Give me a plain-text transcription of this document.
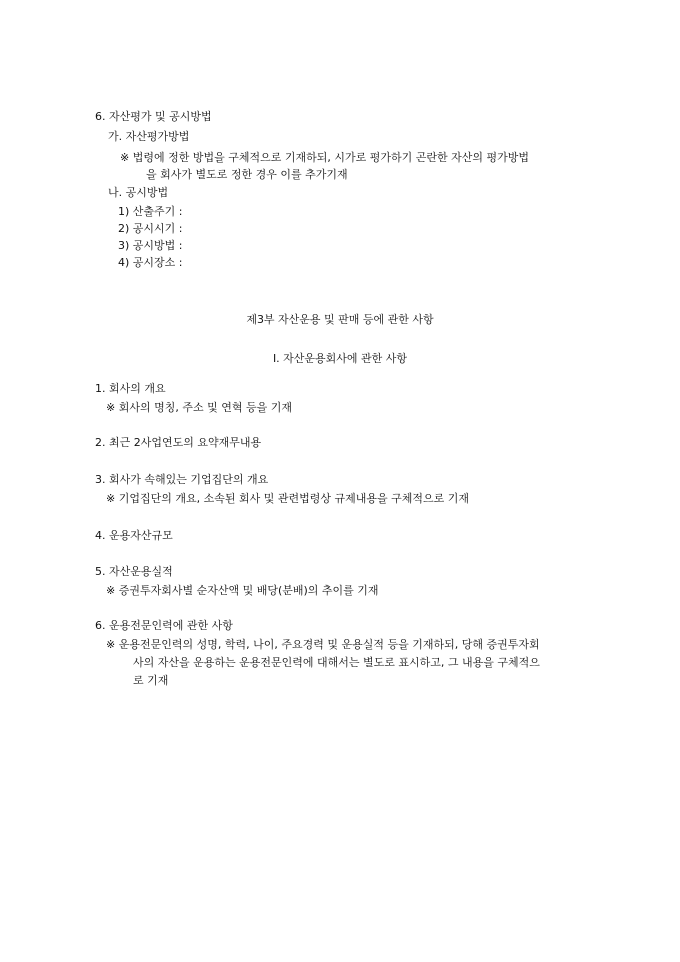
6. 자산평가 및 공시방법
가. 자산평가방법
※ 법령에 정한 방법을 구체적으로 기재하되, 시가로 평가하기 곤란한 자산의 평가방법
을 회사가 별도로 정한 경우 이를 추가기재
나. 공시방법
1) 산출주기 :
2) 공시시기 :
3) 공시방법 :
4) 공시장소 :
제3부 자산운용 및 판매 등에 관한 사항
Ⅰ. 자산운용회사에 관한 사항
1. 회사의 개요
※ 회사의 명칭, 주소 및 연혁 등을 기재
2. 최근 2사업연도의 요약재무내용
3. 회사가 속해있는 기업집단의 개요
※ 기업집단의 개요, 소속된 회사 및 관련법령상 규제내용을 구체적으로 기재
4. 운용자산규모
5. 자산운용실적
※ 증권투자회사별 순자산액 및 배당(분배)의 추이를 기재
6. 운용전문인력에 관한 사항
※ 운용전문인력의 성명, 학력, 나이, 주요경력 및 운용실적 등을 기재하되, 당해 증권투자회
사의 자산을 운용하는 운용전문인력에 대해서는 별도로 표시하고, 그 내용을 구체적으
로 기재
